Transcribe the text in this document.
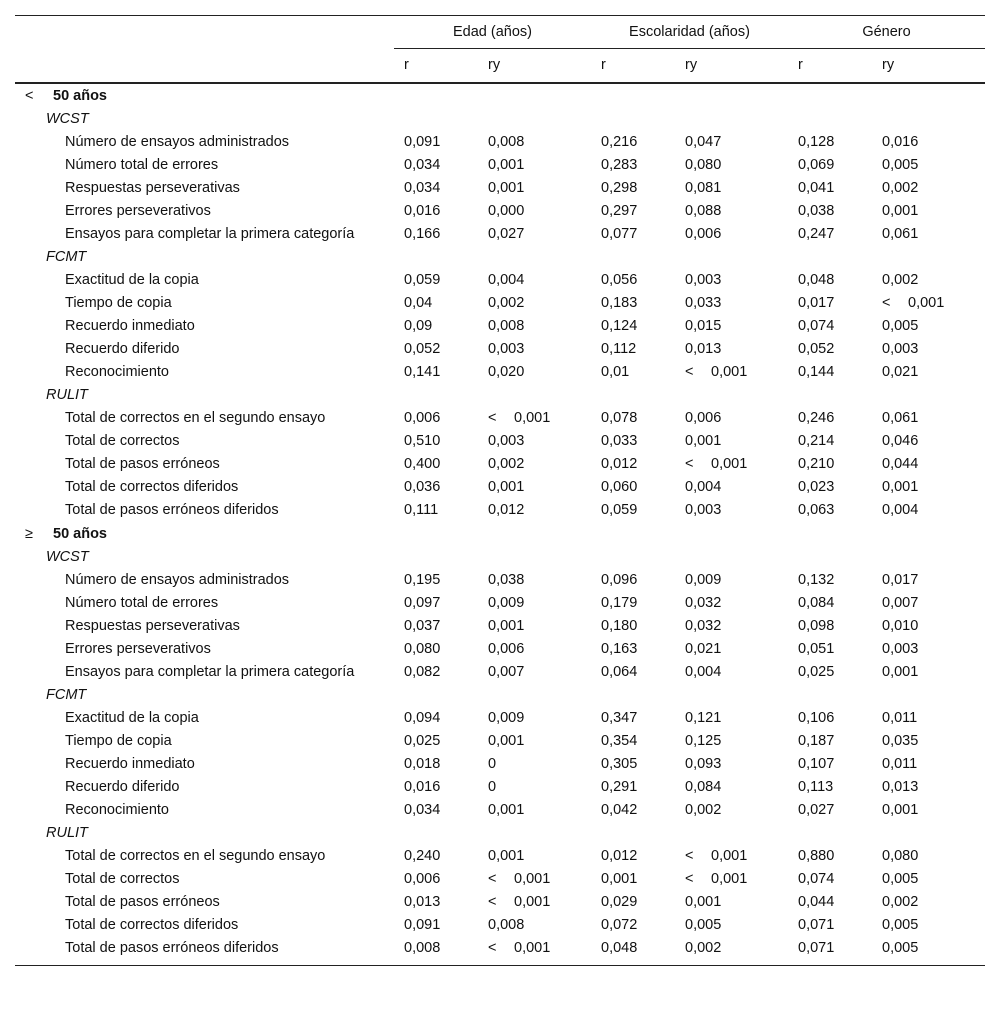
	Edad (años)		Escolaridad (años)		Género	
	r	ry	r	ry	r	ry
< 50 años						
WCST						
Número de ensayos administrados	0,091	0,008	0,216	0,047	0,128	0,016
Número total de errores	0,034	0,001	0,283	0,080	0,069	0,005
Respuestas perseverativas	0,034	0,001	0,298	0,081	0,041	0,002
Errores perseverativos	0,016	0,000	0,297	0,088	0,038	0,001
Ensayos para completar la primera categoría	0,166	0,027	0,077	0,006	0,247	0,061
FCMT						
Exactitud de la copia	0,059	0,004	0,056	0,003	0,048	0,002
Tiempo de copia	0,04	0,002	0,183	0,033	0,017	< 0,001
Recuerdo inmediato	0,09	0,008	0,124	0,015	0,074	0,005
Recuerdo diferido	0,052	0,003	0,112	0,013	0,052	0,003
Reconocimiento	0,141	0,020	0,01	< 0,001	0,144	0,021
RULIT						
Total de correctos en el segundo ensayo	0,006	< 0,001	0,078	0,006	0,246	0,061
Total de correctos	0,510	0,003	0,033	0,001	0,214	0,046
Total de pasos erróneos	0,400	0,002	0,012	< 0,001	0,210	0,044
Total de correctos diferidos	0,036	0,001	0,060	0,004	0,023	0,001
Total de pasos erróneos diferidos	0,111	0,012	0,059	0,003	0,063	0,004
≥ 50 años						
WCST						
Número de ensayos administrados	0,195	0,038	0,096	0,009	0,132	0,017
Número total de errores	0,097	0,009	0,179	0,032	0,084	0,007
Respuestas perseverativas	0,037	0,001	0,180	0,032	0,098	0,010
Errores perseverativos	0,080	0,006	0,163	0,021	0,051	0,003
Ensayos para completar la primera categoría	0,082	0,007	0,064	0,004	0,025	0,001
FCMT						
Exactitud de la copia	0,094	0,009	0,347	0,121	0,106	0,011
Tiempo de copia	0,025	0,001	0,354	0,125	0,187	0,035
Recuerdo inmediato	0,018	0	0,305	0,093	0,107	0,011
Recuerdo diferido	0,016	0	0,291	0,084	0,113	0,013
Reconocimiento	0,034	0,001	0,042	0,002	0,027	0,001
RULIT						
Total de correctos en el segundo ensayo	0,240	0,001	0,012	< 0,001	0,880	0,080
Total de correctos	0,006	< 0,001	0,001	< 0,001	0,074	0,005
Total de pasos erróneos	0,013	< 0,001	0,029	0,001	0,044	0,002
Total de correctos diferidos	0,091	0,008	0,072	0,005	0,071	0,005
Total de pasos erróneos diferidos	0,008	< 0,001	0,048	0,002	0,071	0,005
